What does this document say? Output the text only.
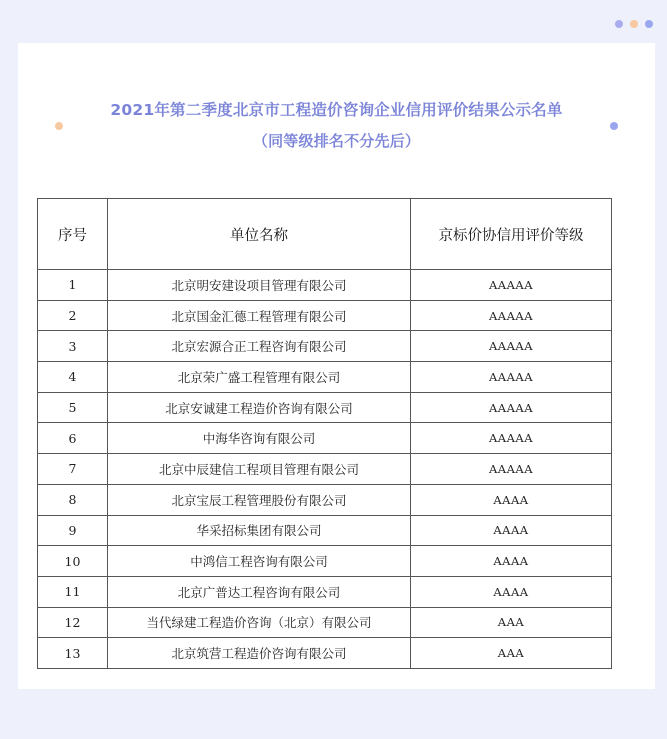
2021年第二季度北京市工程造价咨询企业信用评价结果公示名单
（同等级排名不分先后）
序号	单位名称	京标价协信用评价等级
1	北京明安建设项目管理有限公司	AAAAA
2	北京国金汇德工程管理有限公司	AAAAA
3	北京宏源合正工程咨询有限公司	AAAAA
4	北京荣广盛工程管理有限公司	AAAAA
5	北京安诚建工程造价咨询有限公司	AAAAA
6	中海华咨询有限公司	AAAAA
7	北京中辰建信工程项目管理有限公司	AAAAA
8	北京宝辰工程管理股份有限公司	AAAA
9	华采招标集团有限公司	AAAA
10	中鸿信工程咨询有限公司	AAAA
11	北京广普达工程咨询有限公司	AAAA
12	当代绿建工程造价咨询（北京）有限公司	AAA
13	北京筑营工程造价咨询有限公司	AAA
